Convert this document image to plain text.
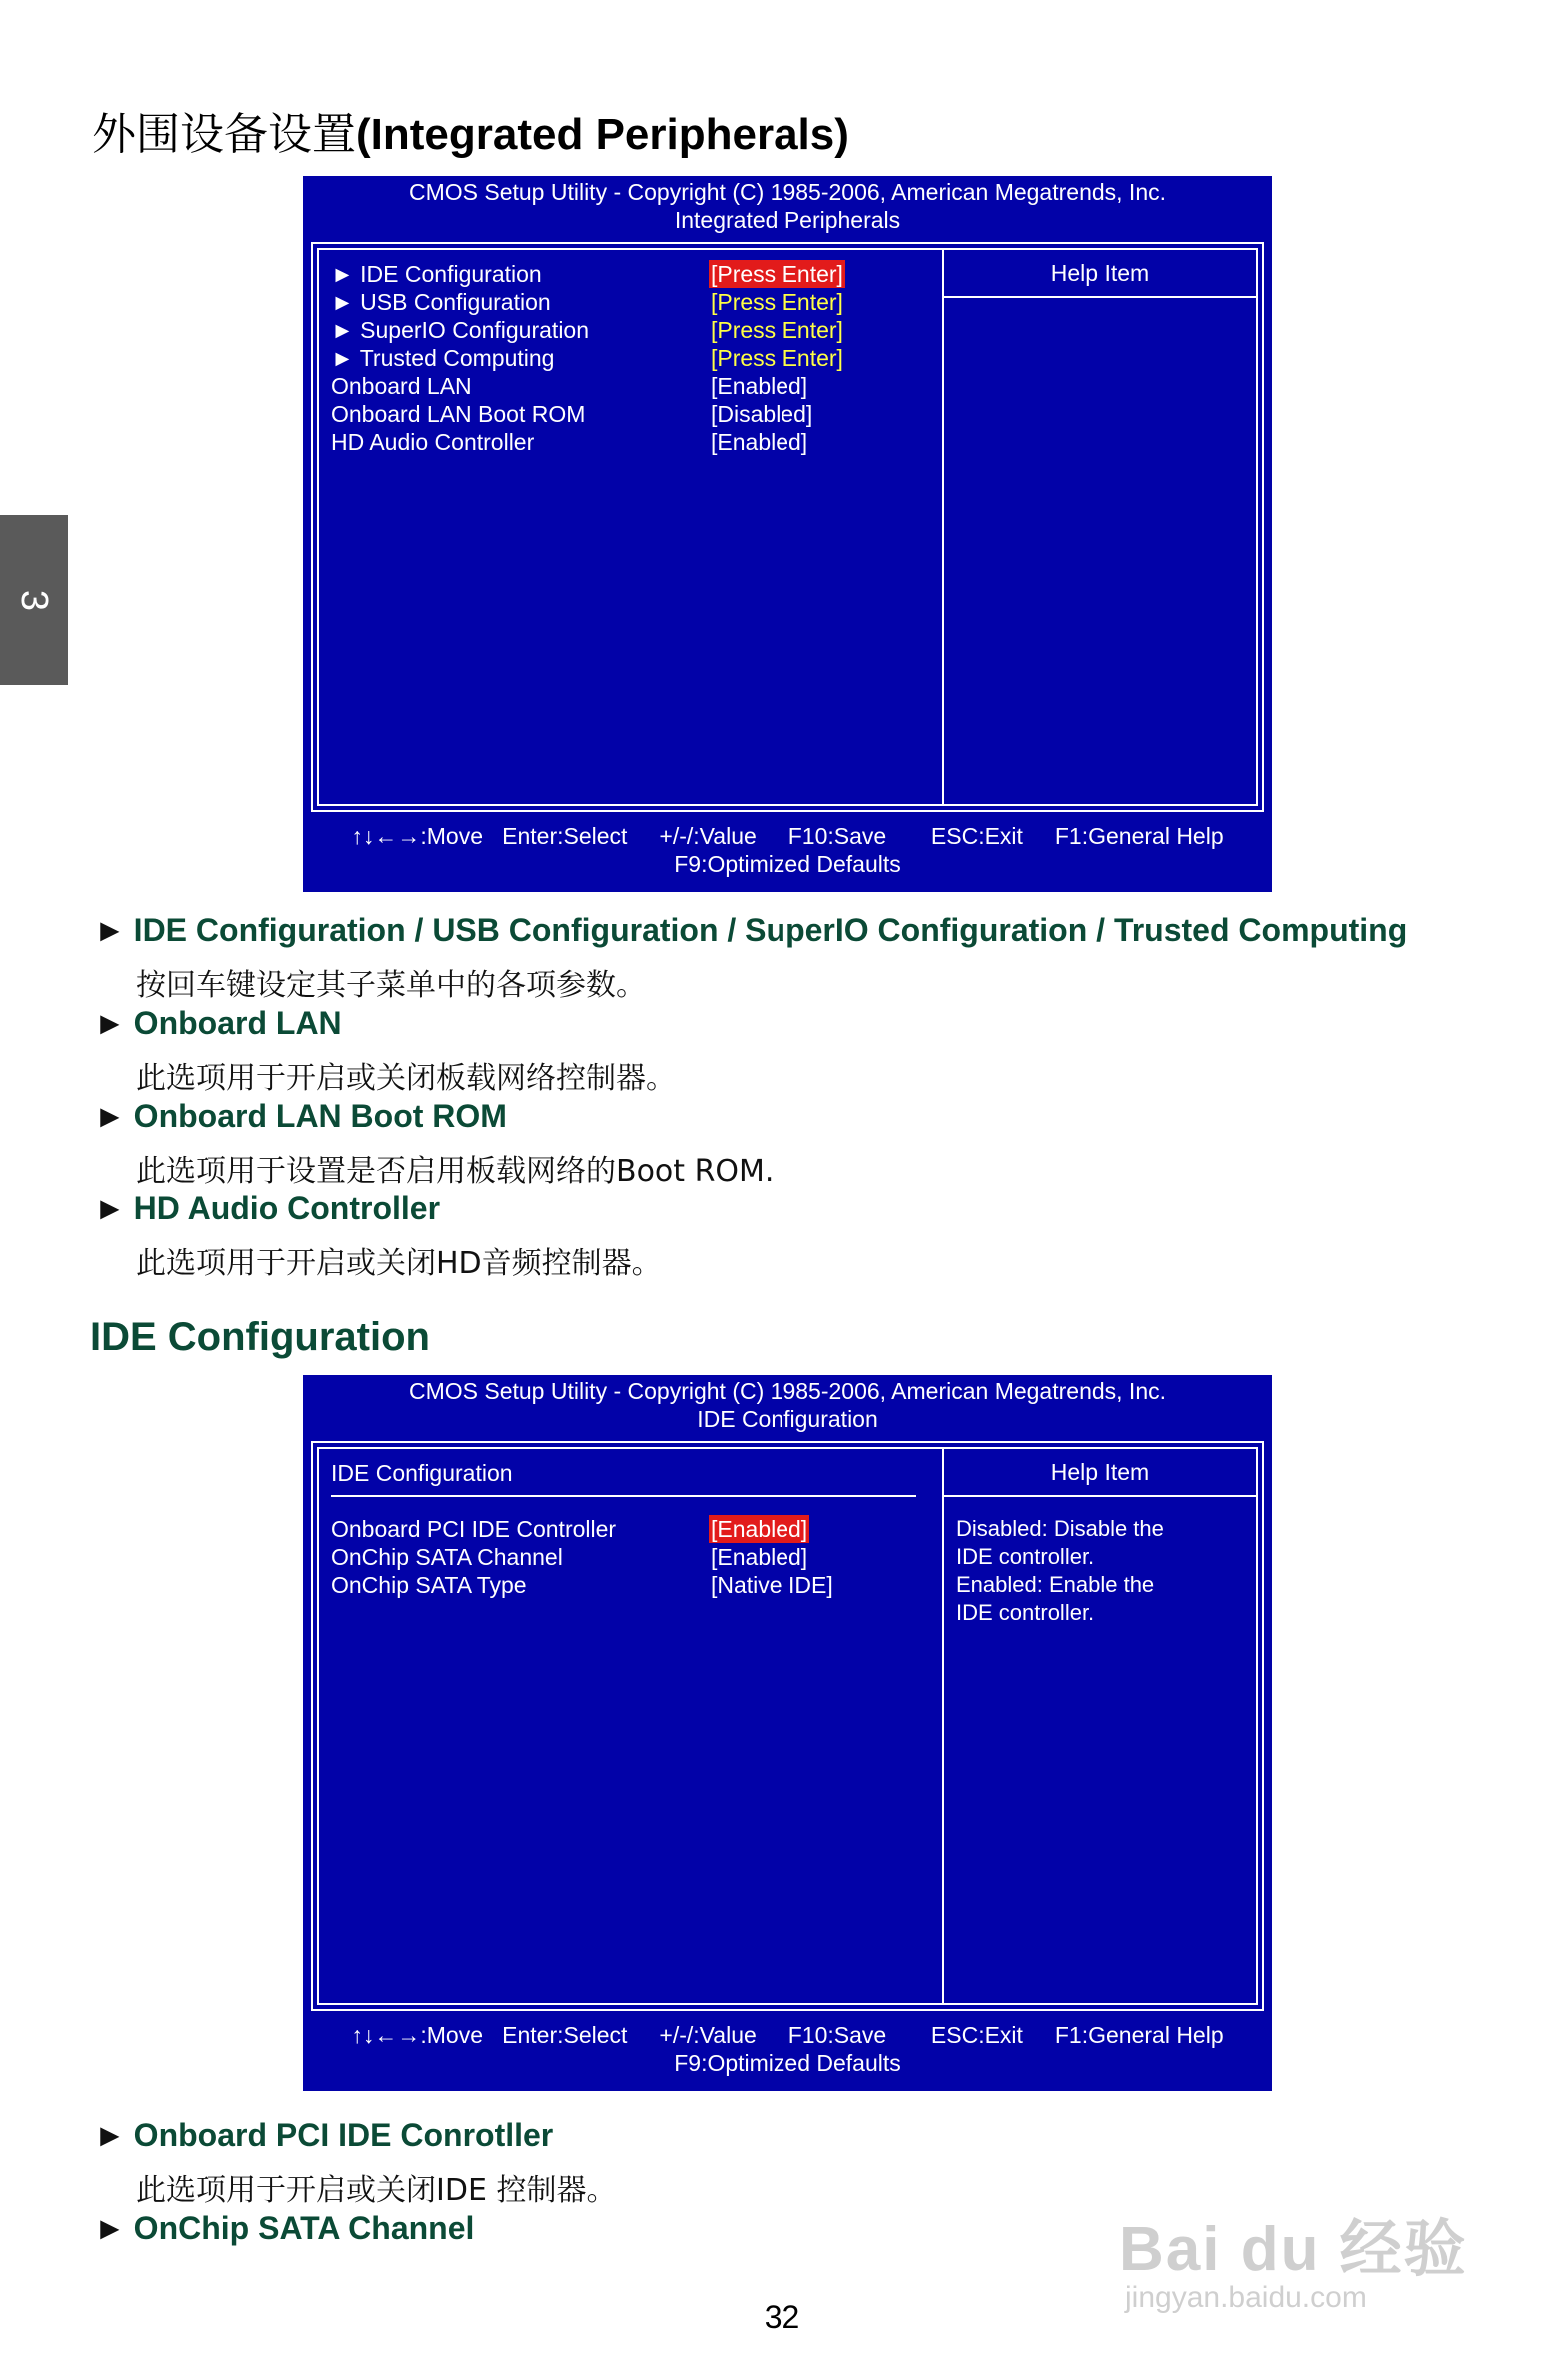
外围设备设置(Integrated Peripherals)
3
CMOS Setup Utility - Copyright (C) 1985-2006, American Megatrends, Inc.
Integrated Peripherals
Help Item
► IDE Configuration	[Press Enter]
► USB Configuration	[Press Enter]
► SuperIO Configuration	[Press Enter]
► Trusted Computing	[Press Enter]
Onboard LAN	[Enabled]
Onboard LAN Boot ROM	[Disabled]
HD Audio Controller	[Enabled]
↑↓←→:Move   Enter:Select     +/-/:Value     F10:Save       ESC:Exit     F1:General Help
F9:Optimized Defaults
► IDE Configuration / USB Configuration / SuperIO Configuration / Trusted Computing
按回车键设定其子菜单中的各项参数。
► Onboard LAN
此选项用于开启或关闭板载网络控制器。
► Onboard LAN Boot ROM
此选项用于设置是否启用板载网络的Boot ROM.
► HD Audio Controller
此选项用于开启或关闭HD音频控制器。
IDE Configuration
CMOS Setup Utility - Copyright (C) 1985-2006, American Megatrends, Inc.
IDE Configuration
Help Item
IDE Configuration
Onboard PCI IDE Controller	[Enabled]
OnChip SATA Channel	[Enabled]
OnChip SATA Type	[Native IDE]
Disabled: Disable the
IDE controller.
Enabled: Enable the
IDE controller.
↑↓←→:Move   Enter:Select     +/-/:Value     F10:Save       ESC:Exit     F1:General Help
F9:Optimized Defaults
► Onboard PCI IDE Conrotller
此选项用于开启或关闭IDE 控制器。
► OnChip SATA Channel	Bai du 经验
jingyan.baidu.com
32
